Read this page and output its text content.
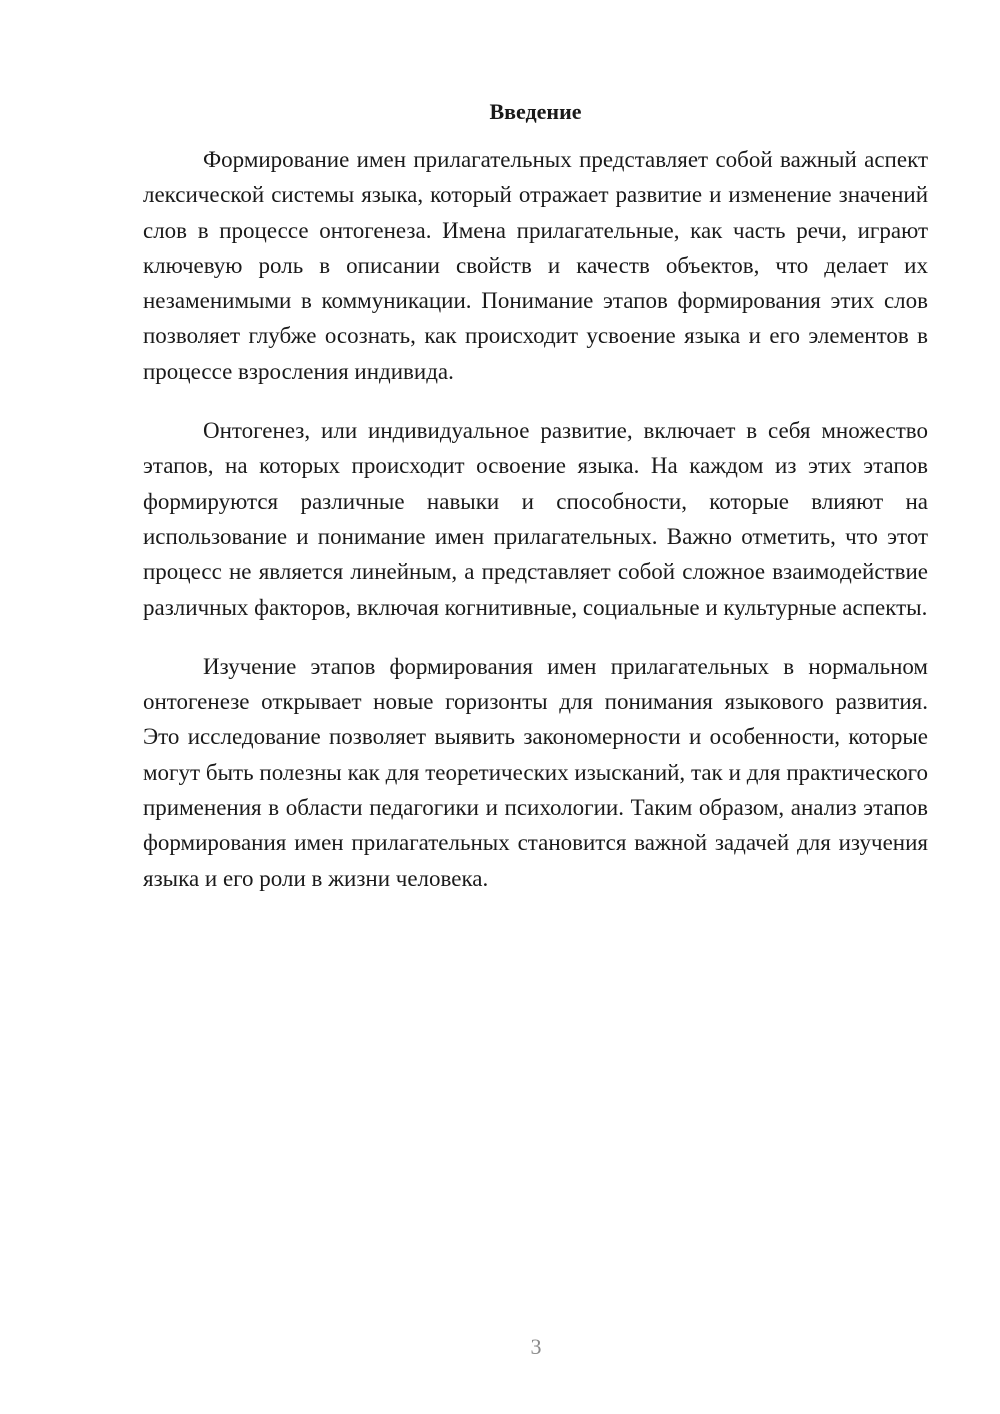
Введение

Формирование имен прилагательных представляет собой важный аспект лексической системы языка, который отражает развитие и изменение значений слов в процессе онтогенеза. Имена прилагательные, как часть речи, играют ключевую роль в описании свойств и качеств объектов, что делает их незаменимыми в коммуникации. Понимание этапов формирования этих слов позволяет глубже осознать, как происходит усвоение языка и его элементов в процессе взросления индивида.

Онтогенез, или индивидуальное развитие, включает в себя множество этапов, на которых происходит освоение языка. На каждом из этих этапов формируются различные навыки и способности, которые влияют на использование и понимание имен прилагательных. Важно отметить, что этот процесс не является линейным, а представляет собой сложное взаимодействие различных факторов, включая когнитивные, социальные и культурные аспекты.

Изучение этапов формирования имен прилагательных в нормальном онтогенезе открывает новые горизонты для понимания языкового развития. Это исследование позволяет выявить закономерности и особенности, которые могут быть полезны как для теоретических изысканий, так и для практического применения в области педагогики и психологии. Таким образом, анализ этапов формирования имен прилагательных становится важной задачей для изучения языка и его роли в жизни человека.

3
